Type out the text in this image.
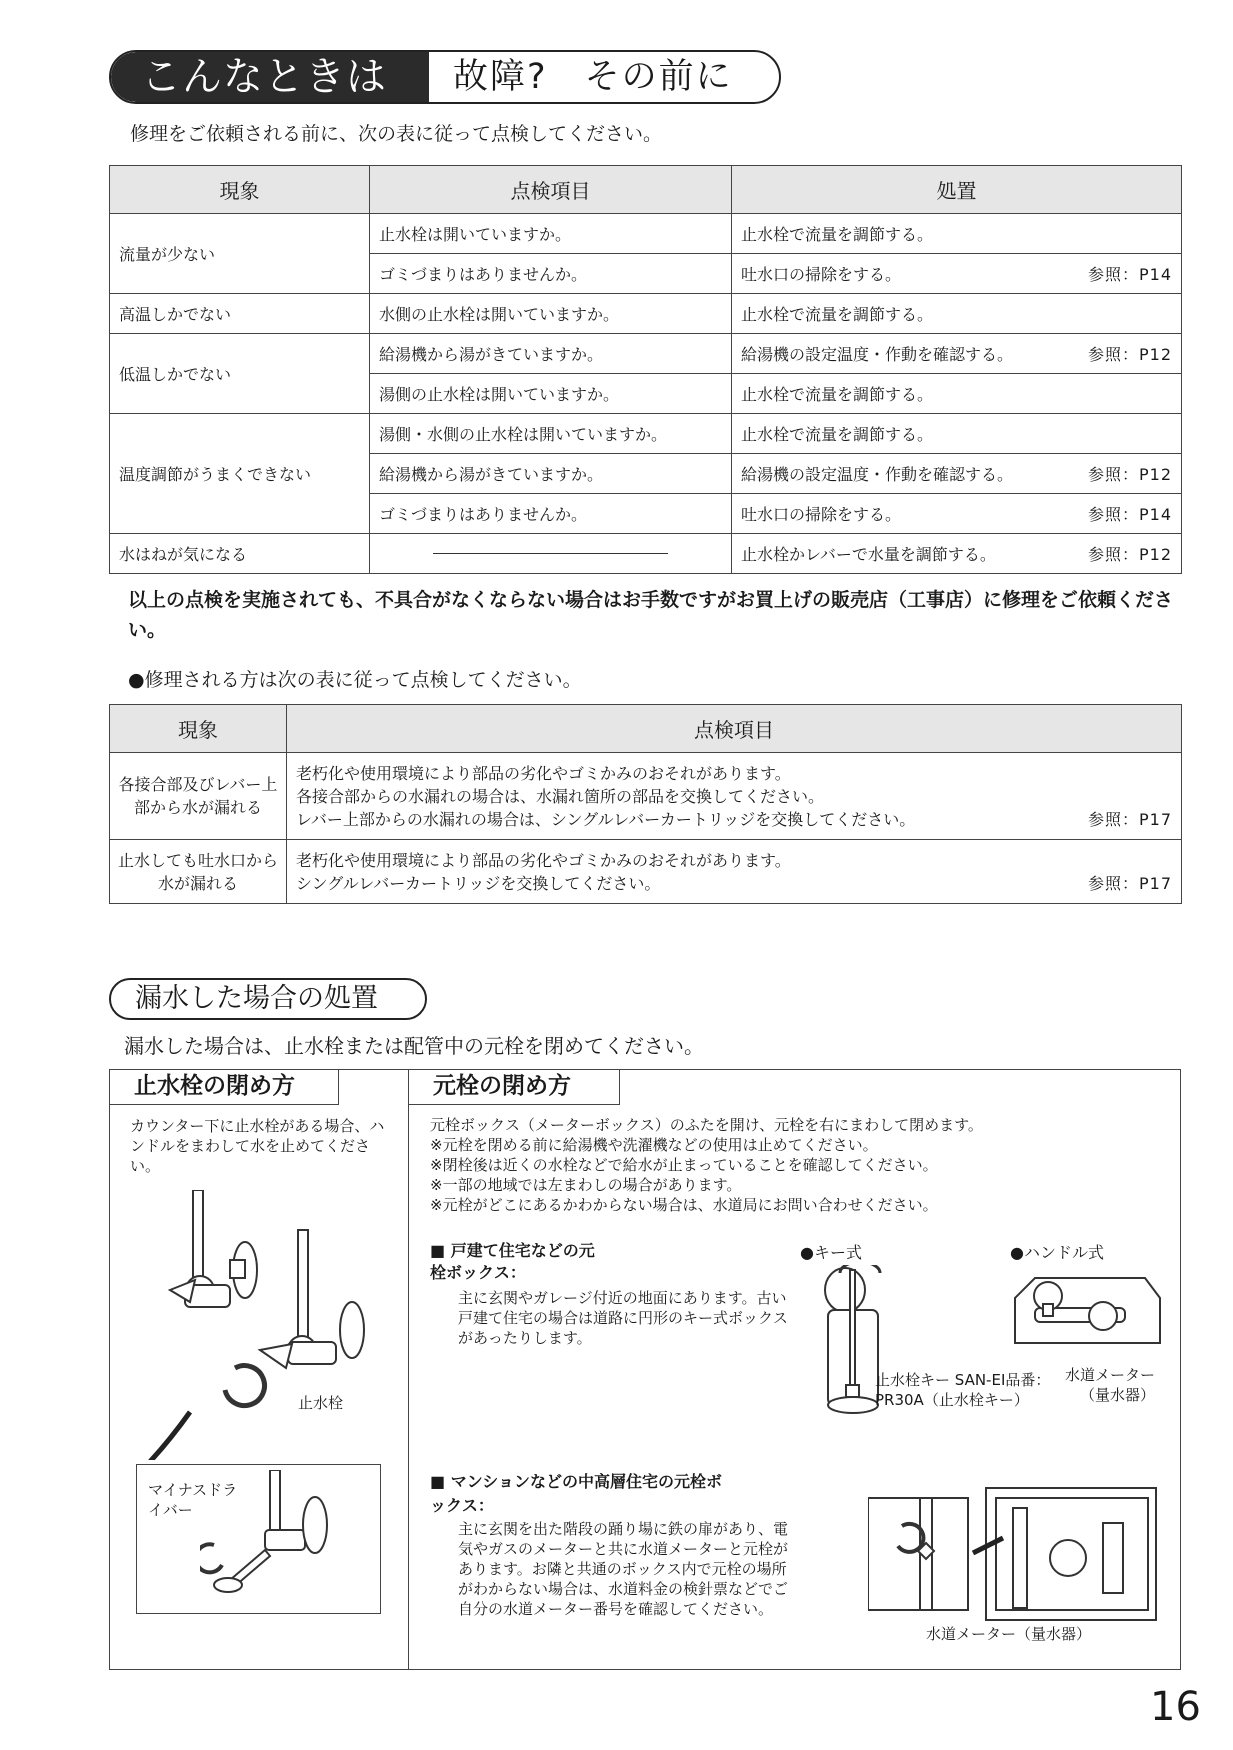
こんなときは	故障?　その前に
修理をご依頼される前に、次の表に従って点検してください。
現象	点検項目	処置
流量が少ない	止水栓は開いていますか。	止水栓で流量を調節する。
	ゴミづまりはありませんか。	吐水口の掃除をする。 参照：P14

高温しかでない	水側の止水栓は開いていますか。	止水栓で流量を調節する。
低温しかでない	給湯機から湯がきていますか。	給湯機の設定温度・作動を確認する。 参照：P12

	湯側の止水栓は開いていますか。	止水栓で流量を調節する。
温度調節がうまくできない	湯側・水側の止水栓は開いていますか。	止水栓で流量を調節する。
	給湯機から湯がきていますか。	給湯機の設定温度・作動を確認する。 参照：P12

	ゴミづまりはありませんか。	吐水口の掃除をする。 参照：P14

水はねが気になる		止水栓かレバーで水量を調節する。 参照：P12
以上の点検を実施されても、不具合がなくならない場合はお手数ですがお買上げの販売店（工事店）に修理をご依頼ください。
●修理される方は次の表に従って点検してください。
現象	点検項目
各接合部及びレバー上部から水が漏れる	老朽化や使用環境により部品の劣化やゴミかみのおそれがあります。
各接合部からの水漏れの場合は、水漏れ箇所の部品を交換してください。
レバー上部からの水漏れの場合は、シングルレバーカートリッジを交換してください。 参照：P17

止水しても吐水口から水が漏れる	老朽化や使用環境により部品の劣化やゴミかみのおそれがあります。
シングルレバーカートリッジを交換してください。 参照：P17
漏水した場合の処置
漏水した場合は、止水栓または配管中の元栓を閉めてください。
止水栓の閉め方
カウンター下に止水栓がある場合、ハンドルをまわして水を止めてください。
止水栓
マイナスドライバー
元栓の閉め方
元栓ボックス（メーターボックス）のふたを開け、元栓を右にまわして閉めます。
※元栓を閉める前に給湯機や洗濯機などの使用は止めてください。
※閉栓後は近くの水栓などで給水が止まっていることを確認してください。
※一部の地域では左まわしの場合があります。
※元栓がどこにあるかわからない場合は、水道局にお問い合わせください。
■ 戸建て住宅などの元栓ボックス：
主に玄関やガレージ付近の地面にあります。古い戸建て住宅の場合は道路に円形のキー式ボックスがあったりします。
●キー式	●ハンドル式
止水栓キー SAN-EI品番：PR30A（止水栓キー）
水道メーター（量水器）
■ マンションなどの中高層住宅の元栓ボックス：
主に玄関を出た階段の踊り場に鉄の扉があり、電気やガスのメーターと共に水道メーターと元栓があります。お隣と共通のボックス内で元栓の場所がわからない場合は、水道料金の検針票などでご自分の水道メーター番号を確認してください。
水道メーター（量水器）
16
